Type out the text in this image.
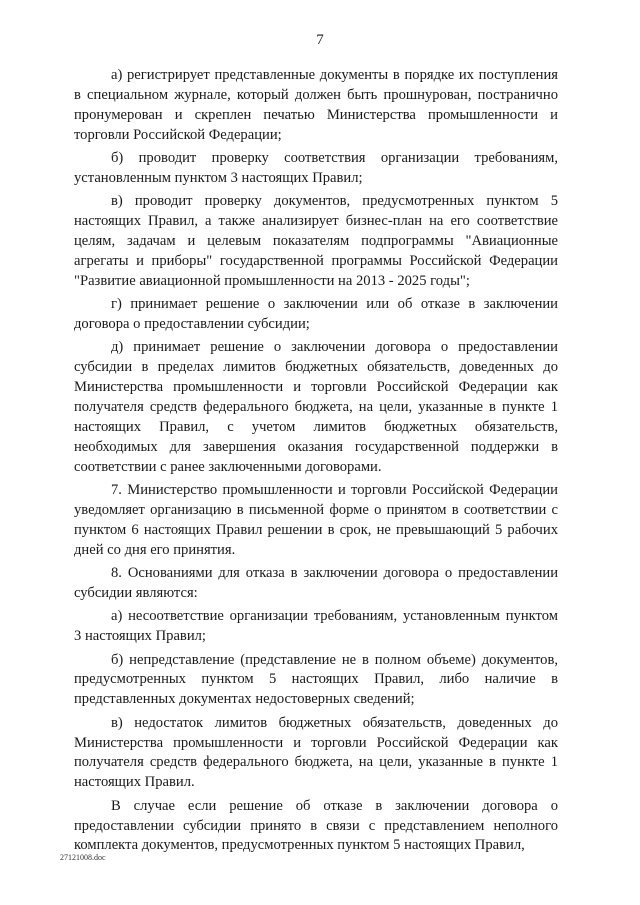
7

а) регистрирует представленные документы в порядке их поступления в специальном журнале, который должен быть прошнурован, постранично пронумерован и скреплен печатью Министерства промышленности и торговли Российской Федерации;

б) проводит проверку соответствия организации требованиям, установленным пунктом 3 настоящих Правил;

в) проводит проверку документов, предусмотренных пунктом 5 настоящих Правил, а также анализирует бизнес-план на его соответствие целям, задачам и целевым показателям подпрограммы "Авиационные агрегаты и приборы" государственной программы Российской Федерации "Развитие авиационной промышленности на 2013 - 2025 годы";

г) принимает решение о заключении или об отказе в заключении договора о предоставлении субсидии;

д) принимает решение о заключении договора о предоставлении субсидии в пределах лимитов бюджетных обязательств, доведенных до Министерства промышленности и торговли Российской Федерации как получателя средств федерального бюджета, на цели, указанные в пункте 1 настоящих Правил, с учетом лимитов бюджетных обязательств, необходимых для завершения оказания государственной поддержки в соответствии с ранее заключенными договорами.

7. Министерство промышленности и торговли Российской Федерации уведомляет организацию в письменной форме о принятом в соответствии с пунктом 6 настоящих Правил решении в срок, не превышающий 5 рабочих дней со дня его принятия.

8. Основаниями для отказа в заключении договора о предоставлении субсидии являются:

а) несоответствие организации требованиям, установленным пунктом 3 настоящих Правил;

б) непредставление (представление не в полном объеме) документов, предусмотренных пунктом 5 настоящих Правил, либо наличие в представленных документах недостоверных сведений;

в) недостаток лимитов бюджетных обязательств, доведенных до Министерства промышленности и торговли Российской Федерации как получателя средств федерального бюджета, на цели, указанные в пункте 1 настоящих Правил.

В случае если решение об отказе в заключении договора о предоставлении субсидии принято в связи с представлением неполного комплекта документов, предусмотренных пунктом 5 настоящих Правил,

27121008.doc
